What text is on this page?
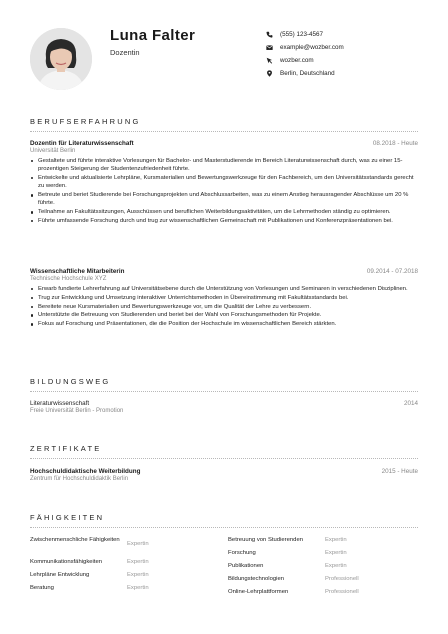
Luna Falter
Dozentin
(555) 123-4567
example@wozber.com
wozber.com
Berlin, Deutschland
BERUFSERFAHRUNG
Dozentin für Literaturwissenschaft	08.2018 - Heute
Universität Berlin
Gestaltete und führte interaktive Vorlesungen für Bachelor- und Masterstudierende im Bereich Literaturwissenschaft durch, was zu einer 15-prozentigen Steigerung der Studentenzufriedenheit führte.
Entwickelte und aktualisierte Lehrpläne, Kursmaterialien und Bewertungswerkzeuge für den Fachbereich, um den Universitätsstandards gerecht zu werden.
Betreute und beriet Studierende bei Forschungsprojekten und Abschlussarbeiten, was zu einem Anstieg herausragender Abschlüsse um 20 % führte.
Teilnahme an Fakultätssitzungen, Ausschüssen und beruflichen Weiterbildungsaktivitäten, um die Lehrmethoden ständig zu optimieren.
Führte umfassende Forschung durch und trug zur wissenschaftlichen Gemeinschaft mit Publikationen und Konferenzpräsentationen bei.
Wissenschaftliche Mitarbeiterin	09.2014 - 07.2018
Technische Hochschule XYZ
Erwarb fundierte Lehrerfahrung auf Universitätsebene durch die Unterstützung von Vorlesungen und Seminaren in verschiedenen Disziplinen.
Trug zur Entwicklung und Umsetzung interaktiver Unterrichtsmethoden in Übereinstimmung mit Fakultätsstandards bei.
Bereitete neue Kursmaterialien und Bewertungswerkzeuge vor, um die Qualität der Lehre zu verbessern.
Unterstützte die Betreuung von Studierenden und beriet bei der Wahl von Forschungsmethoden für Projekte.
Fokus auf Forschung und Präsentationen, die die Position der Hochschule im wissenschaftlichen Bereich stärkten.
BILDUNGSWEG
Literaturwissenschaft	2014
Freie Universität Berlin - Promotion
ZERTIFIKATE
Hochschuldidaktische Weiterbildung	2015 - Heute
Zentrum für Hochschuldidaktik Berlin
FÄHIGKEITEN
Zwischenmenschliche Fähigkeiten
Expertin
Kommunikationsfähigkeiten	Expertin
Lehrpläne Entwicklung	Expertin
Beratung	Expertin
Betreuung von Studierenden	Expertin
Forschung	Expertin
Publikationen	Expertin
Bildungstechnologien	Professionell
Online-Lehrplattformen	Professionell
